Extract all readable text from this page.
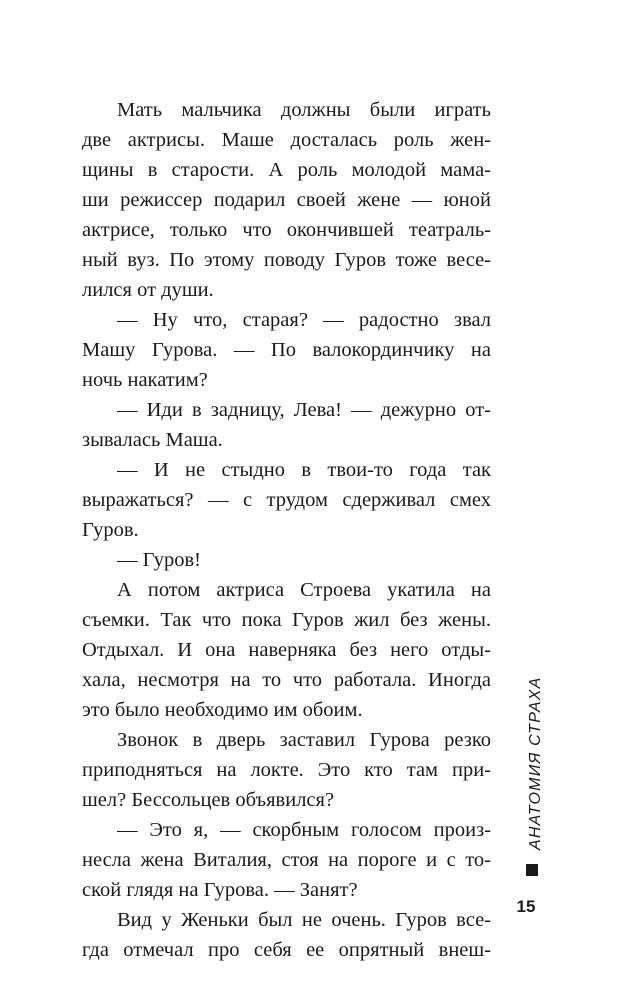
Мать мальчика должны были играть
две актрисы. Маше досталась роль жен-
щины в старости. А роль молодой мама-
ши режиссер подарил своей жене — юной
актрисе, только что окончившей театраль-
ный вуз. По этому поводу Гуров тоже весе-
лился от души.
— Ну что, старая? — радостно звал
Машу Гурова. — По валокординчику на
ночь накатим?
— Иди в задницу, Лева! — дежурно от-
зывалась Маша.
— И не стыдно в твои-то года так
выражаться? — с трудом сдерживал смех
Гуров.
— Гуров!
А потом актриса Строева укатила на
съемки. Так что пока Гуров жил без жены.
Отдыхал. И она наверняка без него отды-
хала, несмотря на то что работала. Иногда
это было необходимо им обоим.
Звонок в дверь заставил Гурова резко
приподняться на локте. Это кто там при-
шел? Бессольцев объявился?
— Это я, — скорбным голосом произ-
несла жена Виталия, стоя на пороге и с то-
ской глядя на Гурова. — Занят?
Вид у Женьки был не очень. Гуров все-
гда отмечал про себя ее опрятный внеш-
АНАТОМИЯ СТРАХА
15
